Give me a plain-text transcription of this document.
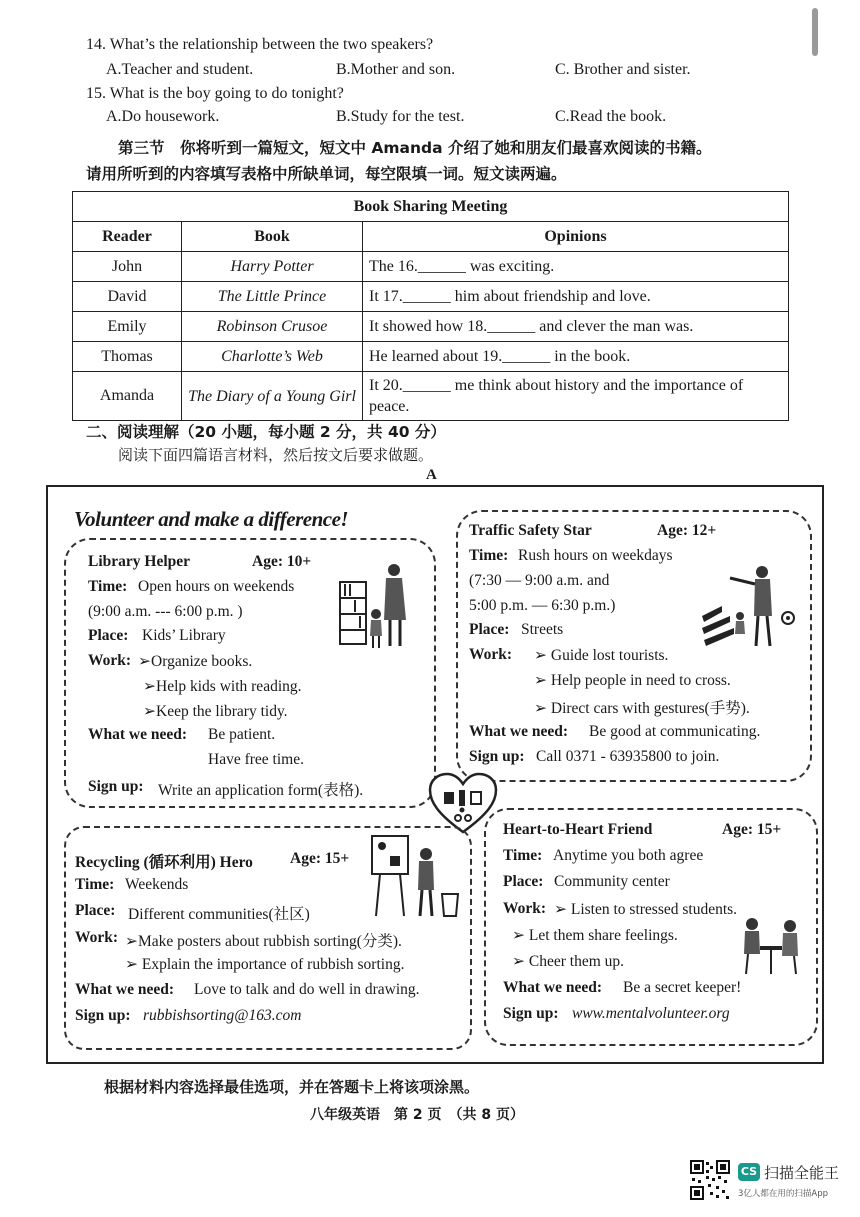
14. What’s the relationship between the two speakers?
A.Teacher and student.	B.Mother and son.	C. Brother and sister.
15. What is the boy going to do tonight?
A.Do housework.	B.Study for the test.	C.Read the book.
第三节　你将听到一篇短文，短文中 Amanda 介绍了她和朋友们最喜欢阅读的书籍。
请用所听到的内容填写表格中所缺单词，每空限填一词。短文读两遍。
Book Sharing Meeting		
Reader	Book	Opinions
John	Harry Potter	The 16.______ was exciting.
David	The Little Prince	It 17.______ him about friendship and love.
Emily	Robinson Crusoe	It showed how 18.______ and clever the man was.
Thomas	Charlotte’s Web	He learned about 19.______ in the book.
Amanda	The Diary of a Young Girl	It 20.______ me think about history and the importance of peace.
二、阅读理解（20 小题，每小题 2 分，共 40 分）
阅读下面四篇语言材料，然后按文后要求做题。
A
Volunteer and make a difference!
Library Helper	Age: 10+
Time: Open hours on weekends
(9:00 a.m. --- 6:00 p.m. )
Place: Kids’ Library
Work: ➢Organize books.
➢Help kids with reading.
➢Keep the library tidy.
What we need: Be patient.
Have free time.
Sign up: Write an application form(表格).
Traffic Safety Star	Age: 12+
Time: Rush hours on weekdays
(7:30 — 9:00 a.m. and
5:00 p.m. — 6:30 p.m.)
Place: Streets
Work: ➢ Guide lost tourists.
➢ Help people in need to cross.
➢ Direct cars with gestures(手势).
What we need: Be good at communicating.
Sign up: Call 0371 - 63935800 to join.
Recycling (循环利用) Hero Age: 15+
Time: Weekends
Place: Different communities(社区)
Work: ➢Make posters about rubbish sorting(分类).
➢ Explain the importance of rubbish sorting.
What we need: Love to talk and do well in drawing.
Sign up: rubbishsorting@163.com
Heart-to-Heart Friend	Age: 15+
Time: Anytime you both agree
Place: Community center
Work: ➢ Listen to stressed students.
➢ Let them share feelings.
➢ Cheer them up.
What we need: Be a secret keeper!
Sign up: www.mentalvolunteer.org
根据材料内容选择最佳选项，并在答题卡上将该项涂黑。
八年级英语　第 2 页　（共 8 页）
CS 扫描全能王
3亿人都在用的扫描App
